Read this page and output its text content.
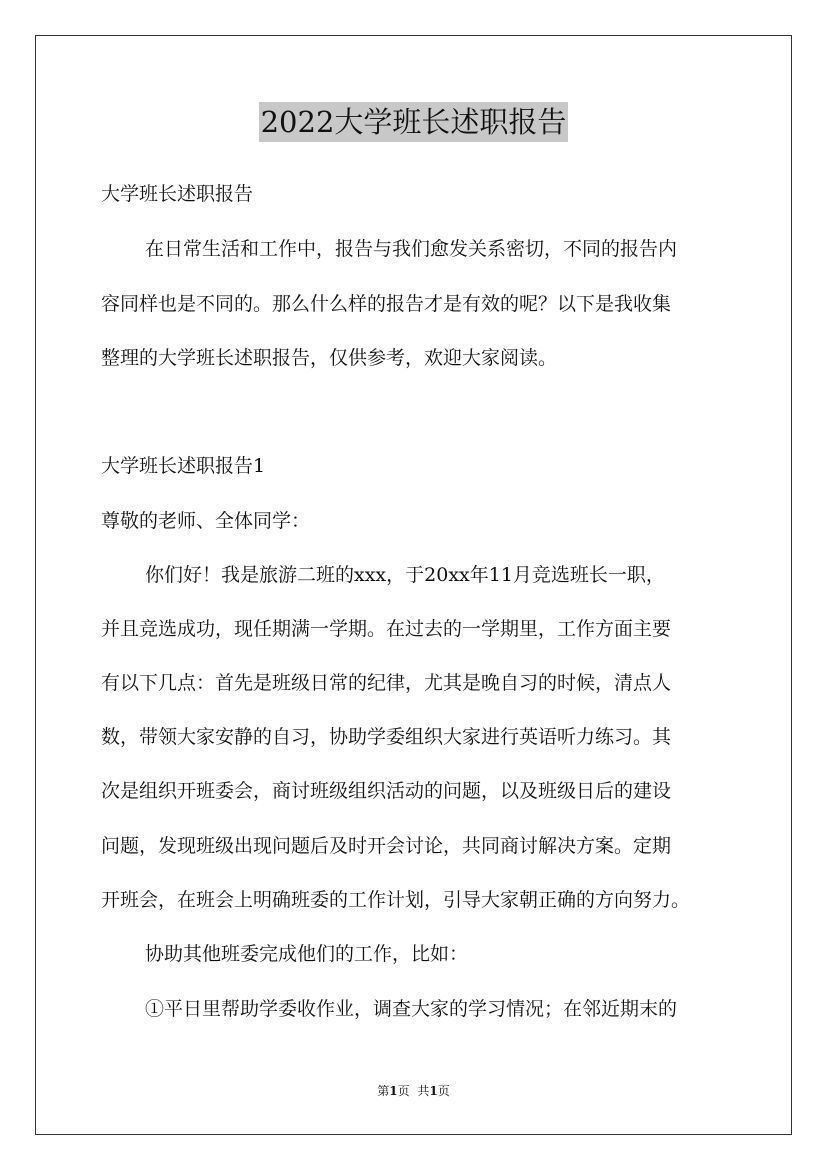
2022大学班长述职报告
大学班长述职报告
在日常生活和工作中，报告与我们愈发关系密切，不同的报告内
容同样也是不同的。那么什么样的报告才是有效的呢？以下是我收集
整理的大学班长述职报告，仅供参考，欢迎大家阅读。
大学班长述职报告1
尊敬的老师、全体同学：
你们好！我是旅游二班的xxx，于20xx年11月竞选班长一职，
并且竞选成功，现任期满一学期。在过去的一学期里，工作方面主要
有以下几点：首先是班级日常的纪律，尤其是晚自习的时候，清点人
数，带领大家安静的自习，协助学委组织大家进行英语听力练习。其
次是组织开班委会，商讨班级组织活动的问题，以及班级日后的建设
问题，发现班级出现问题后及时开会讨论，共同商讨解决方案。定期
开班会，在班会上明确班委的工作计划，引导大家朝正确的方向努力。
协助其他班委完成他们的工作，比如：
①平日里帮助学委收作业，调查大家的学习情况；在邻近期末的
第1页 共1页
